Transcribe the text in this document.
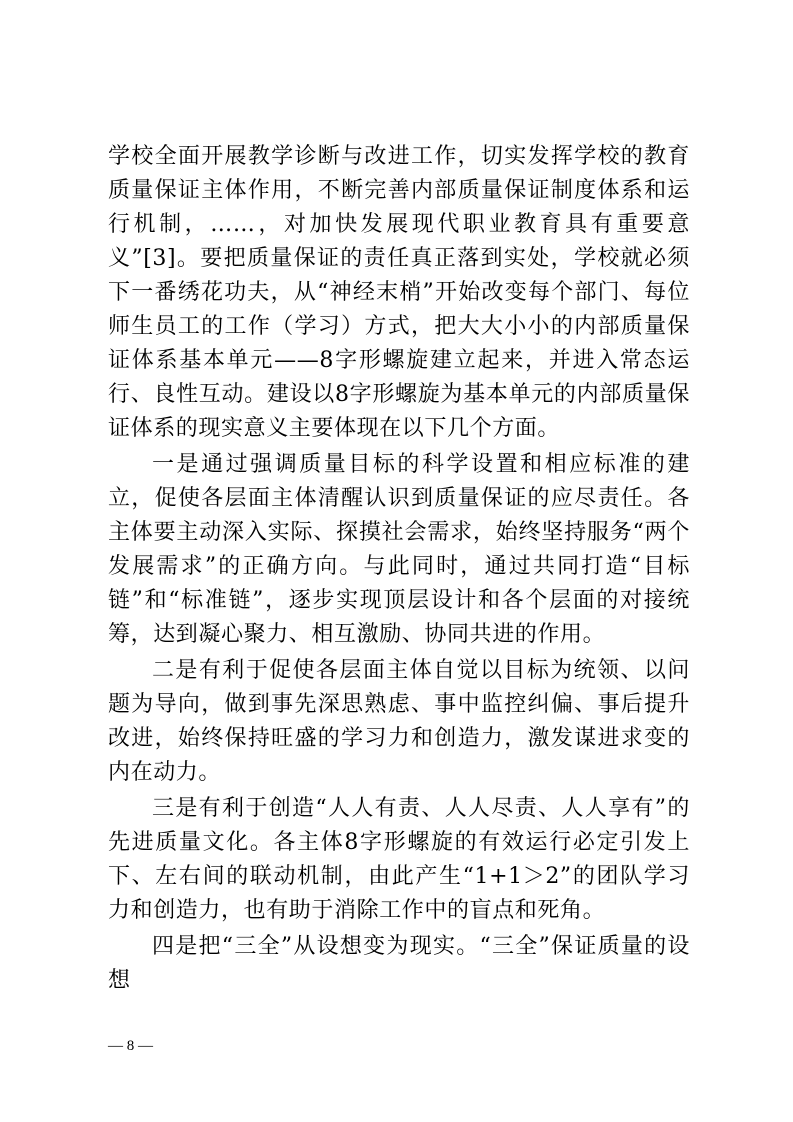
学校全面开展教学诊断与改进工作，切实发挥学校的教育质量保证主体作用，不断完善内部质量保证制度体系和运行机制，……，对加快发展现代职业教育具有重要意义”[3]。要把质量保证的责任真正落到实处，学校就必须下一番绣花功夫，从“神经末梢”开始改变每个部门、每位师生员工的工作（学习）方式，把大大小小的内部质量保证体系基本单元——8字形螺旋建立起来，并进入常态运行、良性互动。建设以8字形螺旋为基本单元的内部质量保证体系的现实意义主要体现在以下几个方面。

一是通过强调质量目标的科学设置和相应标准的建立，促使各层面主体清醒认识到质量保证的应尽责任。各主体要主动深入实际、探摸社会需求，始终坚持服务“两个发展需求”的正确方向。与此同时，通过共同打造“目标链”和“标准链”，逐步实现顶层设计和各个层面的对接统筹，达到凝心聚力、相互激励、协同共进的作用。

二是有利于促使各层面主体自觉以目标为统领、以问题为导向，做到事先深思熟虑、事中监控纠偏、事后提升改进，始终保持旺盛的学习力和创造力，激发谋进求变的内在动力。

三是有利于创造“人人有责、人人尽责、人人享有”的先进质量文化。各主体8字形螺旋的有效运行必定引发上下、左右间的联动机制，由此产生“1+1＞2”的团队学习力和创造力，也有助于消除工作中的盲点和死角。

四是把“三全”从设想变为现实。“三全”保证质量的设想

— 8 —
